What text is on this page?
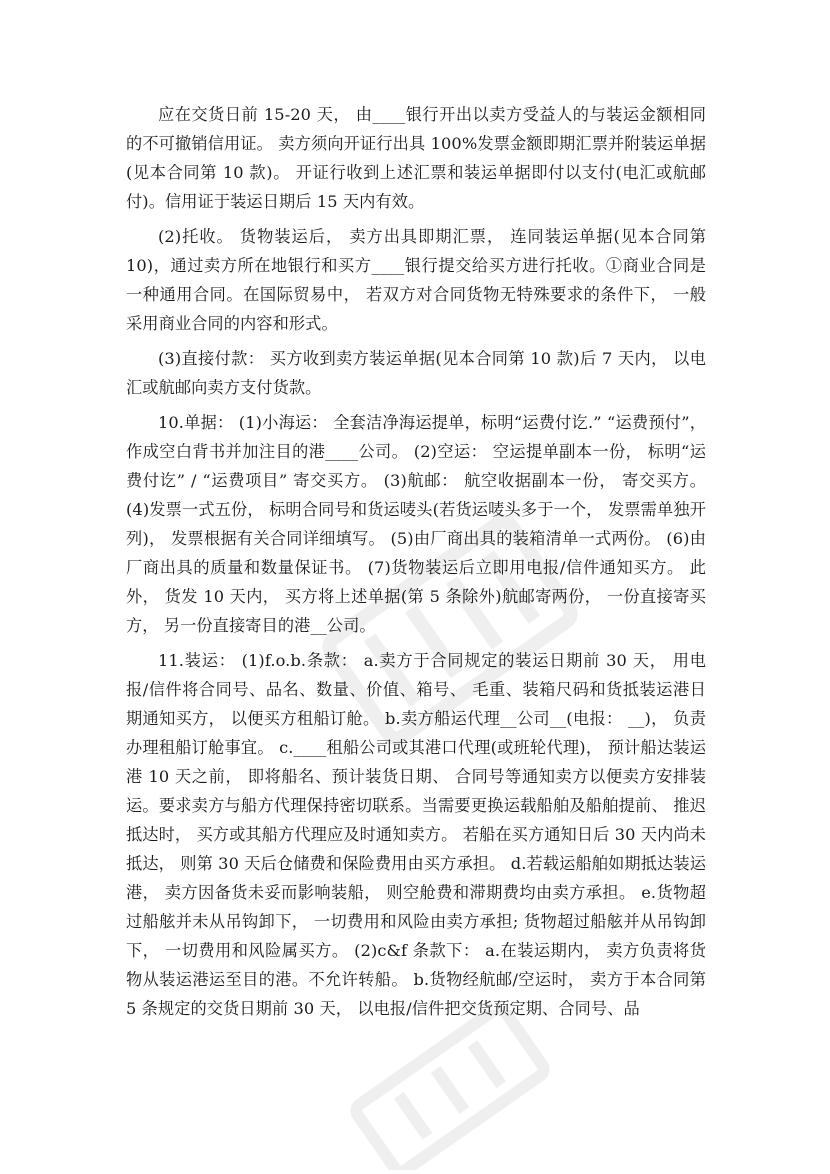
应在交货日前 15-20 天， 由____银行开出以卖方受益人的与装运金额相同的不可撤销信用证。 卖方须向开证行出具 100%发票金额即期汇票并附装运单据(见本合同第 10 款)。 开证行收到上述汇票和装运单据即付以支付(电汇或航邮付)。信用证于装运日期后 15 天内有效。

(2)托收。 货物装运后， 卖方出具即期汇票， 连同装运单据(见本合同第10)，通过卖方所在地银行和买方____银行提交给买方进行托收。①商业合同是一种通用合同。在国际贸易中， 若双方对合同货物无特殊要求的条件下， 一般采用商业合同的内容和形式。

(3)直接付款： 买方收到卖方装运单据(见本合同第 10 款)后 7 天内， 以电汇或航邮向卖方支付货款。

10.单据： (1)小海运： 全套洁净海运提单，标明“运费付讫.” “运费预付”， 作成空白背书并加注目的港____公司。 (2)空运： 空运提单副本一份， 标明“运费付讫” / “运费项目” 寄交买方。 (3)航邮： 航空收据副本一份， 寄交买方。 (4)发票一式五份， 标明合同号和货运唛头(若货运唛头多于一个， 发票需单独开列)， 发票根据有关合同详细填写。 (5)由厂商出具的装箱清单一式两份。 (6)由厂商出具的质量和数量保证书。 (7)货物装运后立即用电报/信件通知买方。 此外， 货发 10 天内， 买方将上述单据(第 5 条除外)航邮寄两份， 一份直接寄买方， 另一份直接寄目的港__公司。

11.装运： (1)f.o.b.条款： a.卖方于合同规定的装运日期前 30 天， 用电报/信件将合同号、品名、数量、价值、箱号、 毛重、装箱尺码和货抵装运港日期通知买方， 以便买方租船订舱。 b.卖方船运代理__公司__(电报： __)， 负责办理租船订舱事宜。 c.____租船公司或其港口代理(或班轮代理)， 预计船达装运港 10 天之前， 即将船名、预计装货日期、 合同号等通知卖方以便卖方安排装运。要求卖方与船方代理保持密切联系。当需要更换运载船舶及船舶提前、 推迟抵达时， 买方或其船方代理应及时通知卖方。 若船在买方通知日后 30 天内尚未抵达， 则第 30 天后仓储费和保险费用由买方承担。 d.若载运船舶如期抵达装运港， 卖方因备货未妥而影响装船， 则空舱费和滞期费均由卖方承担。 e.货物超过船舷并未从吊钩卸下， 一切费用和风险由卖方承担; 货物超过船舷并从吊钩卸下， 一切费用和风险属买方。 (2)c&f 条款下： a.在装运期内， 卖方负责将货物从装运港运至目的港。不允许转船。 b.货物经航邮/空运时， 卖方于本合同第 5 条规定的交货日期前 30 天， 以电报/信件把交货预定期、合同号、品
